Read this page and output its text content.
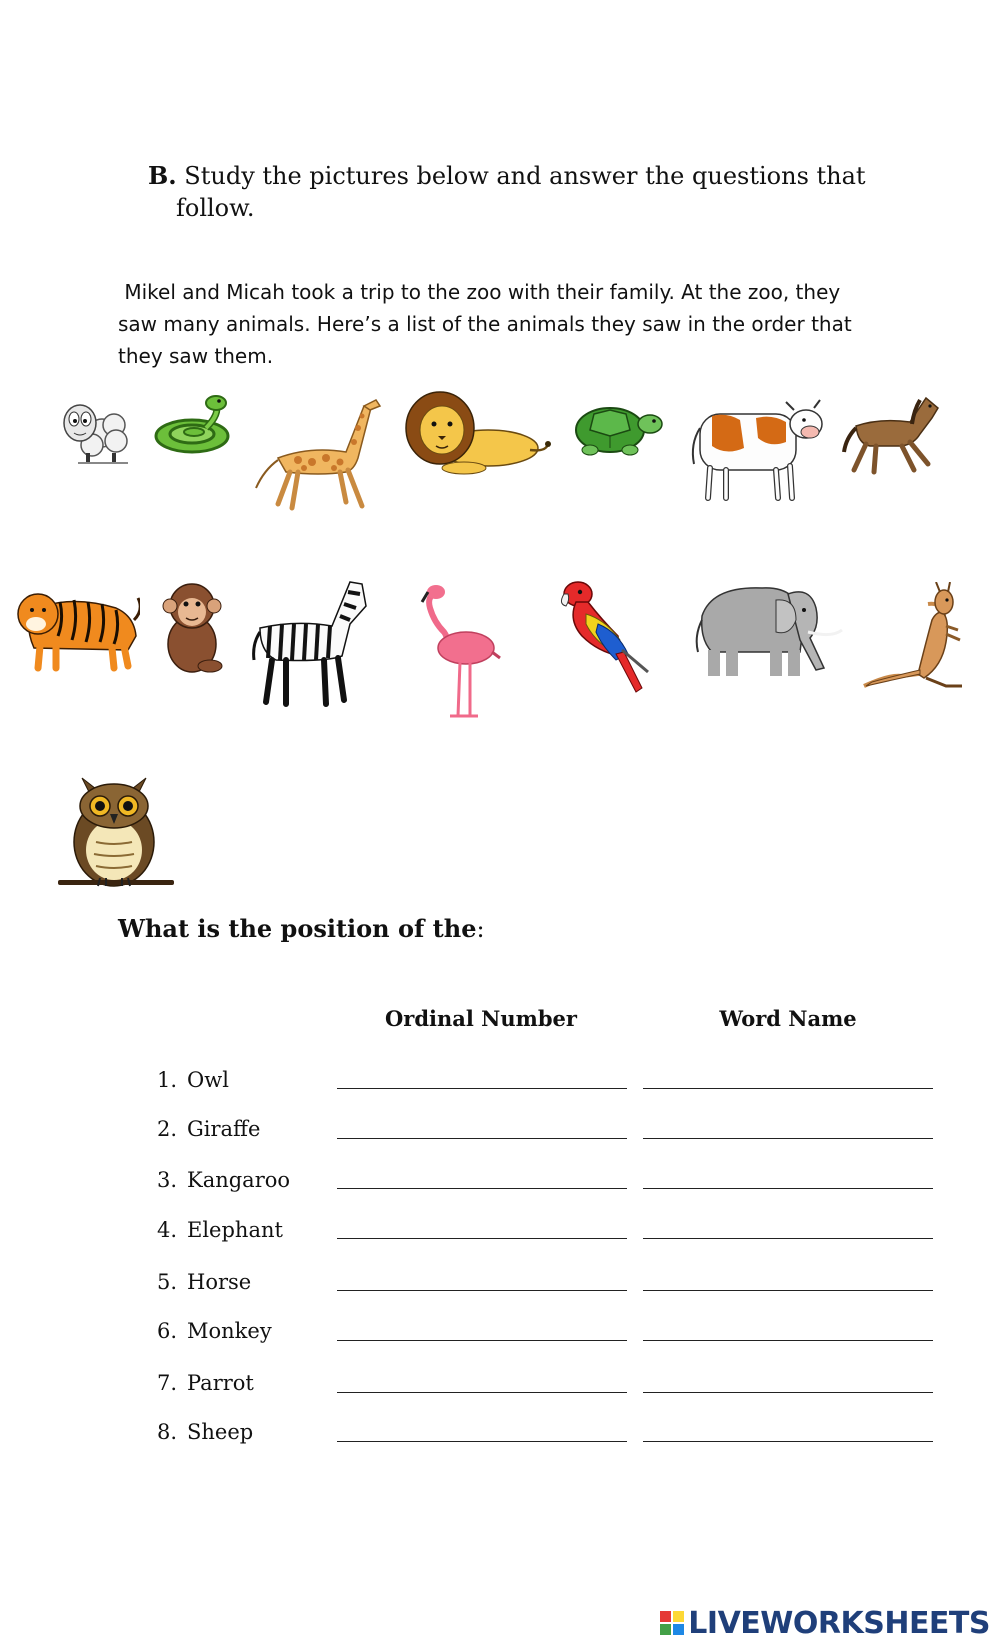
B. Study the pictures below and answer the questions that
follow.
Mikel and Micah took a trip to the zoo with their family. At the zoo, they
saw many animals. Here’s a list of the animals they saw in the order that
they saw them.
What is the position of the:
Ordinal Number	Word Name
1. Owl
2. Giraffe
3. Kangaroo
4. Elephant
5. Horse
6. Monkey
7. Parrot
8. Sheep
LIVEWORKSHEETS
